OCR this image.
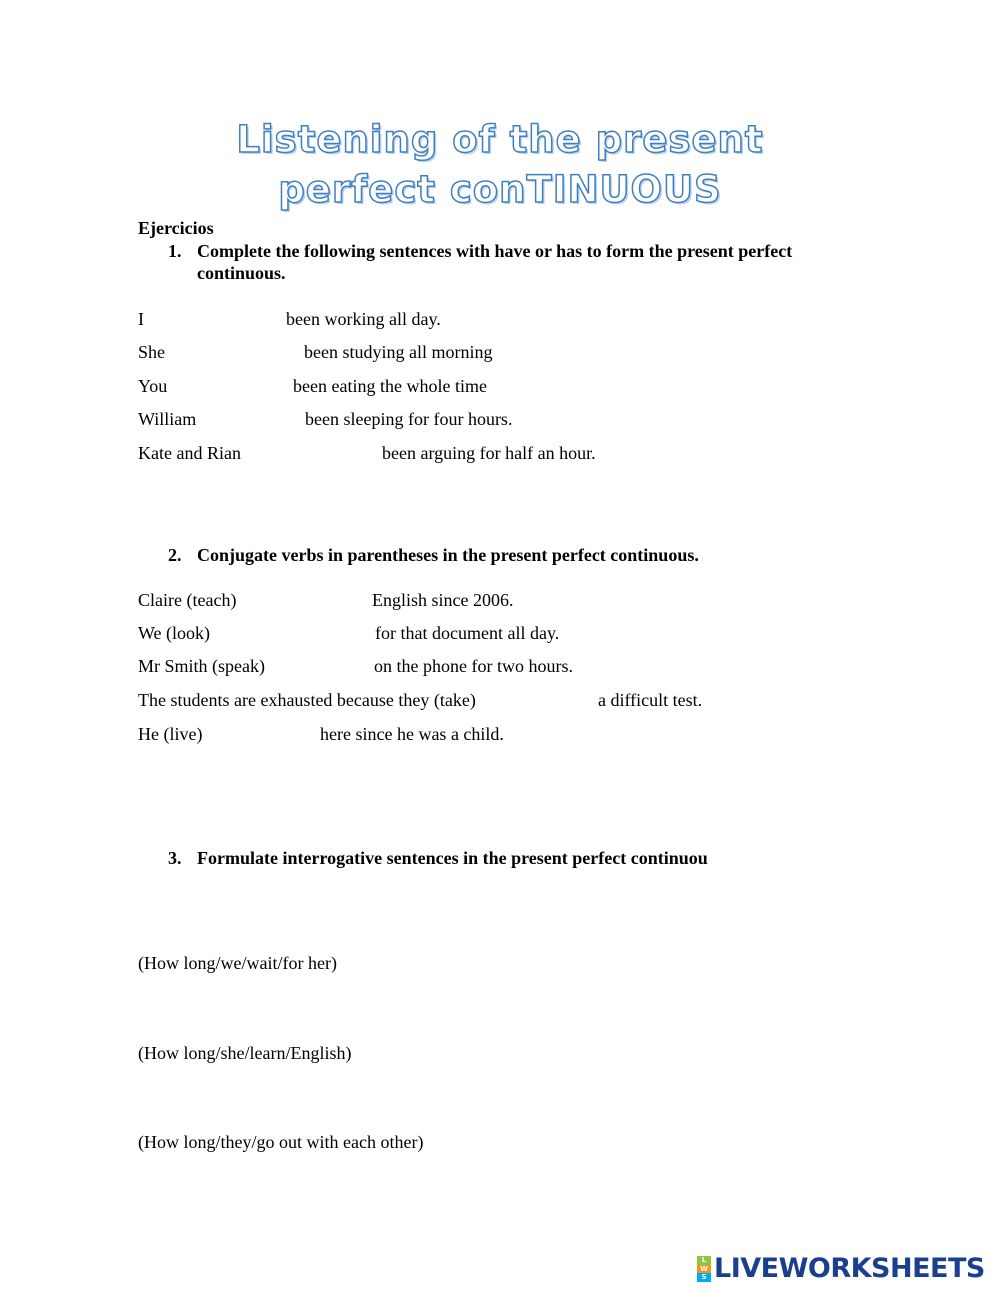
Listening of the present
perfect conTINUOUS
Ejercicios
1. Complete the following sentences with have or has to form the present perfect
continuous.
I	been working all day.
She	been studying all morning
You	been eating the whole time
William	been sleeping for four hours.
Kate and Rian	been arguing for half an hour.
2. Conjugate verbs in parentheses in the present perfect continuous.
Claire (teach)	English since 2006.
We (look)	for that document all day.
Mr Smith (speak)	on the phone for two hours.
The students are exhausted because they (take)	a difficult test.
He (live)	here since he was a child.
3. Formulate interrogative sentences in the present perfect continuou
(How long/we/wait/for her)
(How long/she/learn/English)
(How long/they/go out with each other)
L
W
S LIVEWORKSHEETS
